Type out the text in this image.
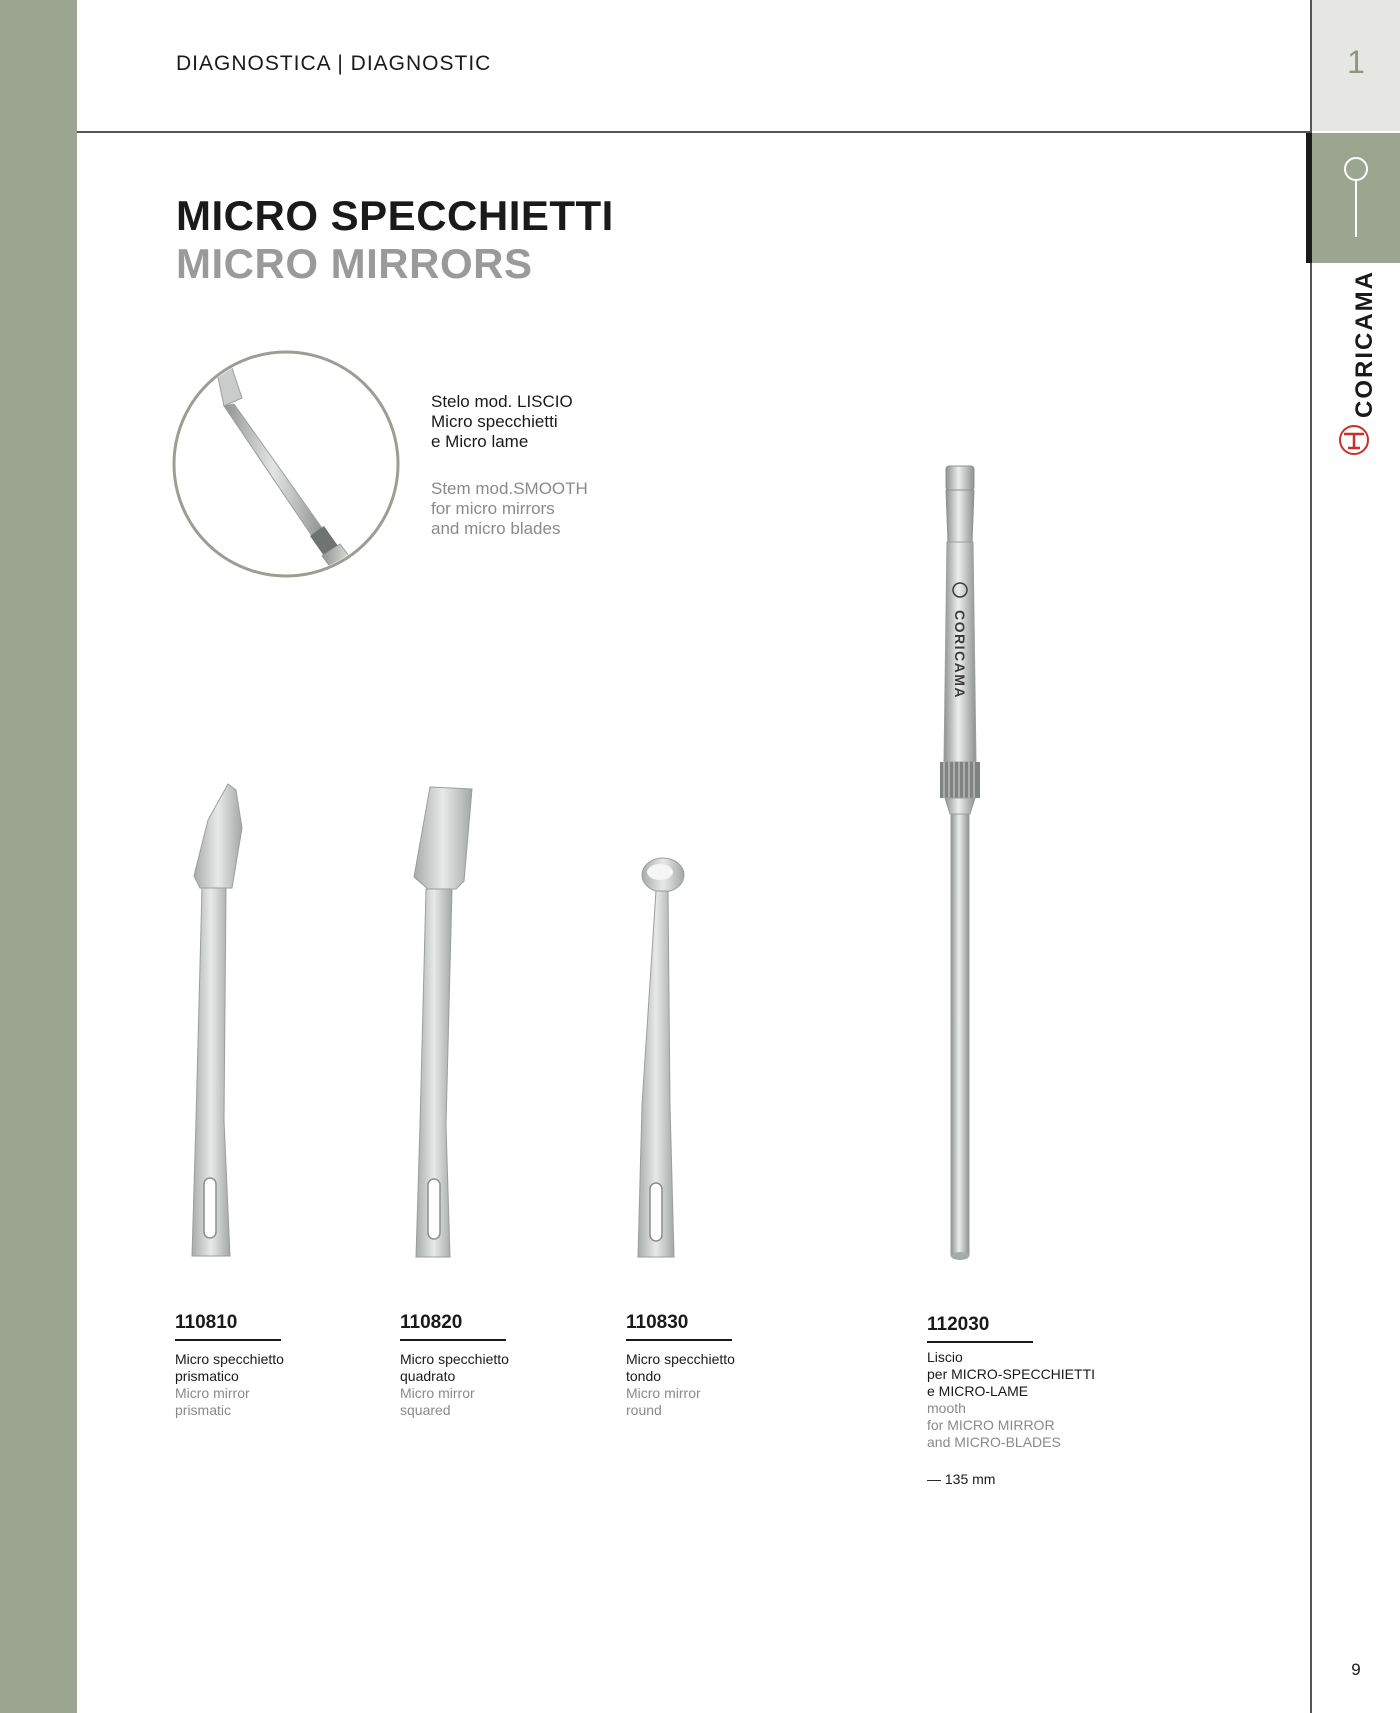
1
CORICAMA
DIAGNOSTICA | DIAGNOSTIC
MICRO SPECCHIETTI
MICRO MIRRORS
Stelo mod. LISCIO
Micro specchietti
e Micro lame
Stem mod.SMOOTH
for micro mirrors
and micro blades
CORICAMA
110810
Micro specchietto
prismatico
Micro mirror
prismatic
110820
Micro specchietto
quadrato
Micro mirror
squared
110830
Micro specchietto
tondo
Micro mirror
round
112030
Liscio
per MICRO-SPECCHIETTI
e MICRO-LAME
mooth
for MICRO MIRROR
and MICRO-BLADES
— 135 mm
9
